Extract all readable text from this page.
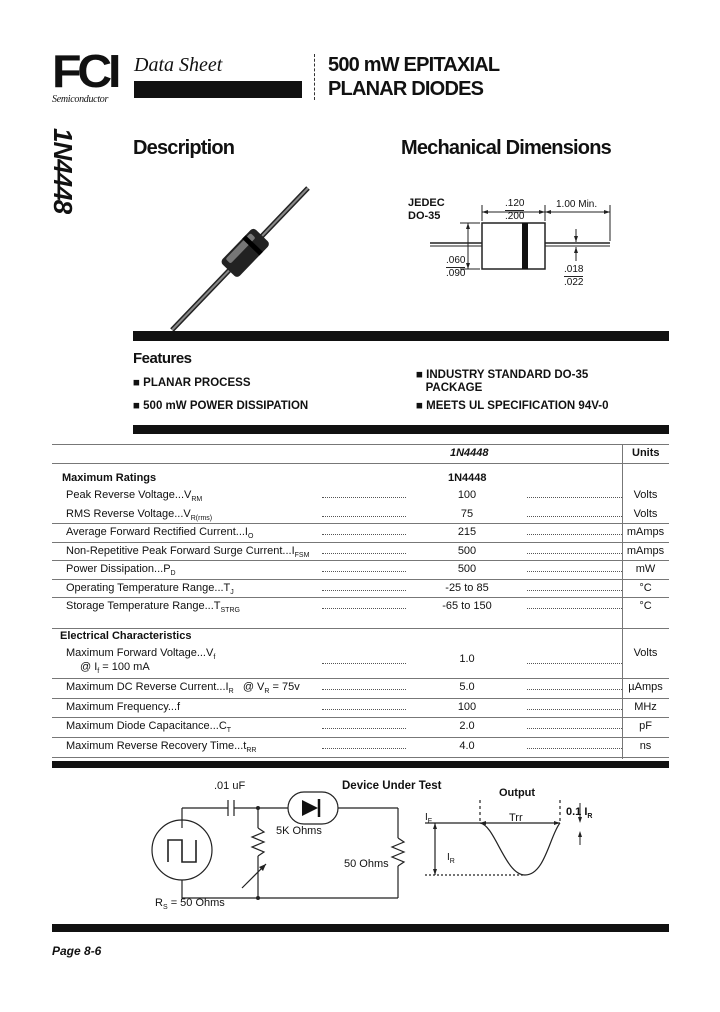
FCI
Semiconductor
Data Sheet	500 mW EPITAXIAL
PLANAR DIODES
1N4448	Description	Mechanical Dimensions
JEDEC
DO-35
.120
.200
1.00 Min.
.060
.090	.018
.022
Features
■ PLANAR PROCESS
■ 500 mW POWER DISSIPATION
■ INDUSTRY STANDARD DO-35
PACKAGE
■ MEETS UL SPECIFICATION 94V-0
1N4448	Units
Maximum Ratings	1N4448
Peak Reverse $Voltage...V_{RM}$	100	Volts
RMS Reverse $Voltage...V_{R(rms)}$	75	Volts
Average Forward Rectified $Current...I_O$	215	mAmps
Non-Repetitive Peak Forward Surge $Current...I_{FSM}$	500	mAmps
Power $Dissipation...P_D$	500	mW
Operating Temperature $Range...T_J$	-25 to 85	°C
Storage Temperature $Range...T_{STRG}$	-65 to 150	°C
Electrical Characteristics
Maximum Forward $Voltage...V_f$
@ $I_f = 100$ mA
1.0	Volts
Maximum DC Reverse $Current...I_R$ @ $V_R = 75v$	5.0	µAmps
Maximum Frequency...f	100	MHz
Maximum Diode $Capacitance...C_T$	2.0	pF
Maximum Reverse Recovery $Time...t_{RR}$	4.0	ns
.01 uF	Device Under Test
5K Ohms
50 Ohms
$R_S = 50$ Ohms
Output
$I_F$
$I_R$
Trr	0.1 $I_R$
Page 8-6
